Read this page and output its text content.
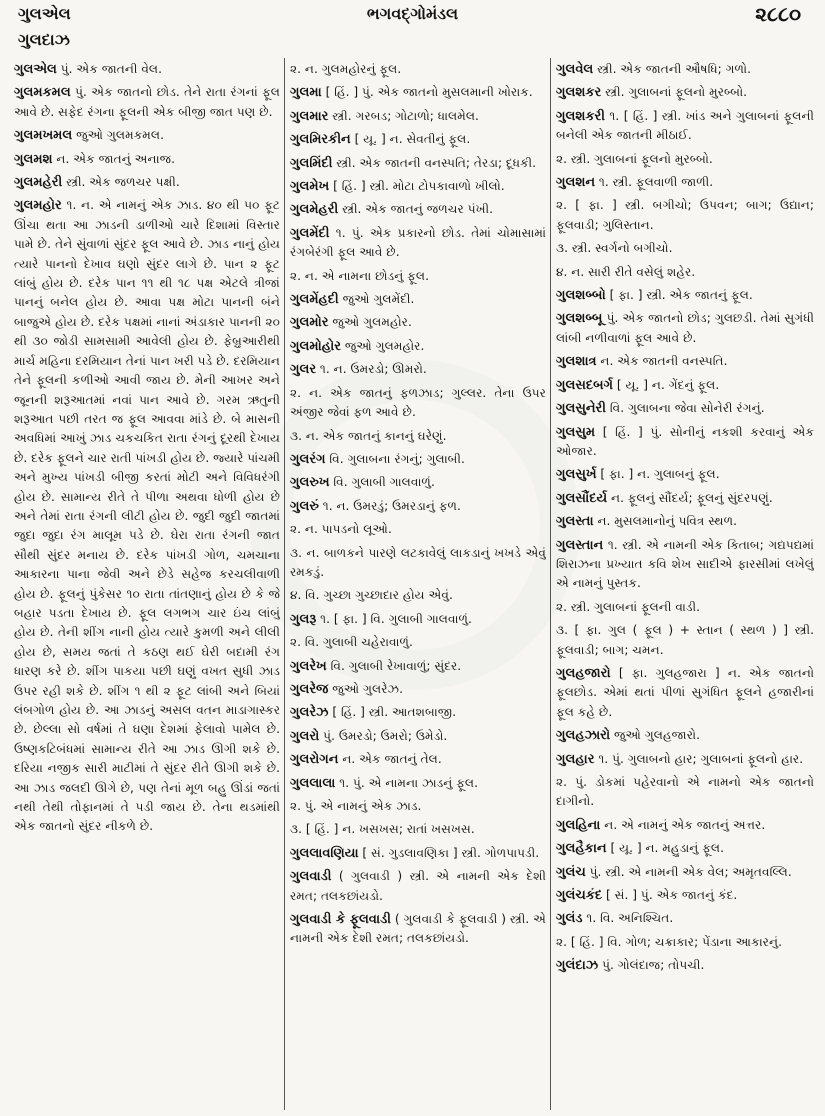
ગુલએલ
ગુલદાઝ
ભગવદ્ગોમંડલ	૨૮૮૦

ગુલએલ પું. એક જાતની વેલ.

ગુલમકમલ પું. એક જાતનો છોડ. તેને રાતા રંગનાં ફૂલ આવે છે. સફેદ રંગના ફૂલની એક બીજી જાત પણ છે.

ગુલમખમલ જુઓ ગુલમકમલ.

ગુલમશ ન. એક જાતનું અનાજ.

ગુલમહેરી સ્ત્રી. એક જળચર પક્ષી.

ગુલમહોર ૧. ન. એ નામનું એક ઝાડ. ૪૦ થી ૫૦ ફૂટ ઊંચા થતા આ ઝાડની ડાળીઓ ચારે દિશામાં વિસ્તાર પામે છે. તેને સુંવાળાં સુંદર ફૂલ આવે છે. ઝાડ નાનું હોય ત્યારે પાનનો દેખાવ ઘણો સુંદર લાગે છે. પાન ૨ ફૂટ લાંબું હોય છે. દરેક પાન ૧૧ થી ૧૮ પક્ષ એટલે ત્રીજાં પાનનું બનેલ હોય છે. આવા પક્ષ મોટા પાનની બંને બાજુએ હોય છે. દરેક પક્ષમાં નાનાં અંડાકાર પાનની ૨૦ થી ૩૦ જોડી સામસામી આવેલી હોય છે. ફેબ્રુઆરીથી માર્ચ મહિના દરમિયાન તેનાં પાન ખરી પડે છે. દરમિયાન તેને ફૂલની કળીઓ આવી જાય છે. મેની આખર અને જૂનની શરૂઆતમાં નવાં પાન આવે છે. ગરમ ઋતુની શરૂઆત પછી તરત જ ફૂલ આવવા માંડે છે. બે માસની અવધિમાં આખું ઝાડ ચકચકિત રાતા રંગનું દૂરથી દેખાય છે. દરેક ફૂલને ચાર રાતી પાંખડી હોય છે. જ્યારે પાંચમી અને મુખ્ય પાંખડી બીજી કરતાં મોટી અને વિવિધરંગી હોય છે. સામાન્ય રીતે તે પીળા અથવા ધોળી હોય છે અને તેમાં રાતા રંગની લીટી હોય છે. જુદી જુદી જાતમાં જુદા જુદા રંગ માલૂમ પડે છે. ઘેરા રાતા રંગની જાત સૌથી સુંદર મનાય છે. દરેક પાંખડી ગોળ, ચમચાના આકારના પાના જેવી અને છેડે સહેજ કરચલીવાળી હોય છે. ફૂલનું પુંકેસર ૧૦ રાતા તાંતણાનું હોય છે કે જે બહાર પડતા દેખાય છે. ફૂલ લગભગ ચાર ઇંચ લાંબું હોય છે. તેની શીંગ નાની હોય ત્યારે કુમળી અને લીલી હોય છે, સમય જતાં તે કઠણ થઈ ઘેરી બદામી રંગ ધારણ કરે છે. શીંગ પાકયા પછી ઘણું વખત સુધી ઝાડ ઉપર રહી શકે છે. શીંગ ૧ થી ૨ ફૂટ લાંબી અને બિયાં લંબગોળ હોય છે. આ ઝાડનું અસલ વતન માડાગાસ્કર છે. છેલ્લા સો વર્ષમાં તે ઘણા દેશમાં ફેલાવો પામેલ છે. ઉષ્ણકટિબંધમાં સામાન્ય રીતે આ ઝાડ ઊગી શકે છે. દરિયા નજીક સારી માટીમાં તે સુંદર રીતે ઊગી શકે છે. આ ઝાડ જલદી ઊગે છે, પણ તેનાં મૂળ બહુ ઊંડાં જતાં નથી તેથી તોફાનમાં તે પડી જાય છે. તેના થડમાંથી એક જાતનો સુંદર નીકળે છે.

૨. ન. ગુલમહોરનું ફૂલ.

ગુલમા [ હિં. ] પું. એક જાતનો મુસલમાની ખોરાક.

ગુલમાર સ્ત્રી. ગરબડ; ગોટાળો; ધાલમેલ.

ગુલમિરકીન [ યૂ. ] ન. સેવતીનું ફૂલ.

ગુલમિંદી સ્ત્રી. એક જાતની વનસ્પતિ; તેરડા; દૂધકી.

ગુલમેખ [ હિં. ] સ્ત્રી. મોટા ટોપકાવાળો ખીલો.

ગુલમેહરી સ્ત્રી. એક જાતનું જળચર પંખી.

ગુલમેંદી ૧. પું. એક પ્રકારનો છોડ. તેમાં ચોમાસામાં રંગબેરંગી ફૂલ આવે છે.

૨. ન. એ નામના છોડનું ફૂલ.

ગુલમેંહદી જુઓ ગુલમેંદી.

ગુલમોર જુઓ ગુલમહોર.

ગુલમોહોર જુઓ ગુલમહોર.

ગુલર ૧. ન. ઉમરડો; ઊમરો.

૨. ન. એક જાતનું ફળઝાડ; ગુલ્લર. તેના ઉપર અંજીર જેવાં ફળ આવે છે.

૩. ન. એક જાતનું કાનનું ઘરેણું.

ગુલરંગ વિ. ગુલાબના રંગનું; ગુલાબી.

ગુલરુખ વિ. ગુલાબી ગાલવાળું.

ગુલરું ૧. ન. ઉમરડું; ઉમરડાનું ફળ.

૨. ન. પાપડનો લૂઓ.

૩. ન. બાળકને પારણે લટકાવેલું લાકડાનું ખખડે એવું રમકડું.

૪. વિ. ગુચ્છા ગુચ્છાદાર હોય એવું.

ગુલરૂ ૧. [ ફા. ] વિ. ગુલાબી ગાલવાળું.

૨. વિ. ગુલાબી ચહેરાવાળું.

ગુલરેખ વિ. ગુલાબી રેખાવાળું; સુંદર.

ગુલરેજ જુઓ ગુલરેઝ.

ગુલરેઝ [ હિં. ] સ્ત્રી. આતશબાજી.

ગુલરો પું. ઉમરડો; ઉમરો; ઉમેડો.

ગુલરોગન ન. એક જાતનું તેલ.

ગુલલાલા ૧. પું. એ નામના ઝાડનું ફૂલ.

૨. પું. એ નામનું એક ઝાડ.

૩. [ હિં. ] ન. ખસખસ; રાતાં ખસખસ.

ગુલલાવણિયા [ સં. ગુડલાવણિકા ] સ્ત્રી. ગોળપાપડી.

ગુલવાડી ( ગુલવાડી ) સ્ત્રી. એ નામની એક દેશી રમત; તલકછાંયડો.

ગુલવાડી કે ફૂલવાડી ( ગુલવાડી કે ફૂલવાડી ) સ્ત્રી. એ નામની એક દેશી રમત; તલકછાંયડો.

ગુલવેલ સ્ત્રી. એક જાતની ઔષધિ; ગળો.

ગુલશકર સ્ત્રી. ગુલાબનાં ફૂલનો મુરબ્બો.

ગુલશકરી ૧. [ હિં. ] સ્ત્રી. ખાંડ અને ગુલાબનાં ફૂલની બનેલી એક જાતની મીઠાઈ.

૨. સ્ત્રી. ગુલાબનાં ફૂલનો મુરબ્બો.

ગુલશન ૧. સ્ત્રી. ફૂલવાળી જાળી.

૨. [ ફા. ] સ્ત્રી. બગીચો; ઉપવન; બાગ; ઉદ્યાન; ફૂલવાડી; ગુલિસ્તાન.

૩. સ્ત્રી. સ્વર્ગનો બગીચો.

૪. ન. સારી રીતે વસેલું શહેર.

ગુલશબ્બો [ ફા. ] સ્ત્રી. એક જાતનું ફૂલ.

ગુલશબ્બૂ પું. એક જાતનો છોડ; ગુલછડી. તેમાં સુગંધી લાંબી નળીવાળાં ફૂલ આવે છે.

ગુલશાત્ર ન. એક જાતની વનસ્પતિ.

ગુલસદબર્ગ [ યૂ. ] ન. ગેંદનું ફૂલ.

ગુલસુનેરી વિ. ગુલાબના જેવા સોનેરી રંગનું.

ગુલસુમ [ હિં. ] પું. સોનીનું નકશી કરવાનું એક ઓજાર.

ગુલસુર્ખ [ ફા. ] ન. ગુલાબનું ફૂલ.

ગુલસૌંદર્ય ન. ફૂલનું સૌંદર્ય; ફૂલનું સુંદરપણું.

ગુલસ્તા ન. મુસલમાનોનું પવિત્ર સ્થળ.

ગુલસ્તાન ૧. સ્ત્રી. એ નામની એક કિતાબ; ગદ્યપદ્યમાં શિરાઝના પ્રખ્યાત કવિ શેખ સાદીએ ફારસીમાં લખેલું એ નામનું પુસ્તક.

૨. સ્ત્રી. ગુલાબનાં ફૂલની વાડી.

૩. [ ફા. ગુલ ( ફૂલ ) + સ્તાન ( સ્થળ ) ] સ્ત્રી. ફૂલવાડી; બાગ; ચમન.

ગુલહજારો [ ફા. ગુલહજારા ] ન. એક જાતનો ફૂલછોડ. એમાં થતાં પીળાં સુગંધિત ફૂલને હજારીનાં ફૂલ કહે છે.

ગુલહઝારો જુઓ ગુલહજારો.

ગુલહાર ૧. પું. ગુલાબનો હાર; ગુલાબનાં ફૂલનો હાર.

૨. પું. ડોકમાં પહેરવાનો એ નામનો એક જાતનો દાગીનો.

ગુલહિના ન. એ નામનું એક જાતનું અત્તર.

ગુલહૈકાન [ યૂ. ] ન. મહુડાનું ફૂલ.

ગુલંચ પું. સ્ત્રી. એ નામની એક વેલ; અમૃતવલ્લિ.

ગુલંચકંદ [ સં. ] પું. એક જાતનું કંદ.

ગુલંડ ૧. વિ. અનિશ્ચિત.

૨. [ હિં. ] વિ. ગોળ; ચક્રાકાર; પેંડાના આકારનું.

ગુલંદાઝ પું. ગોલંદાજ; તોપચી.
